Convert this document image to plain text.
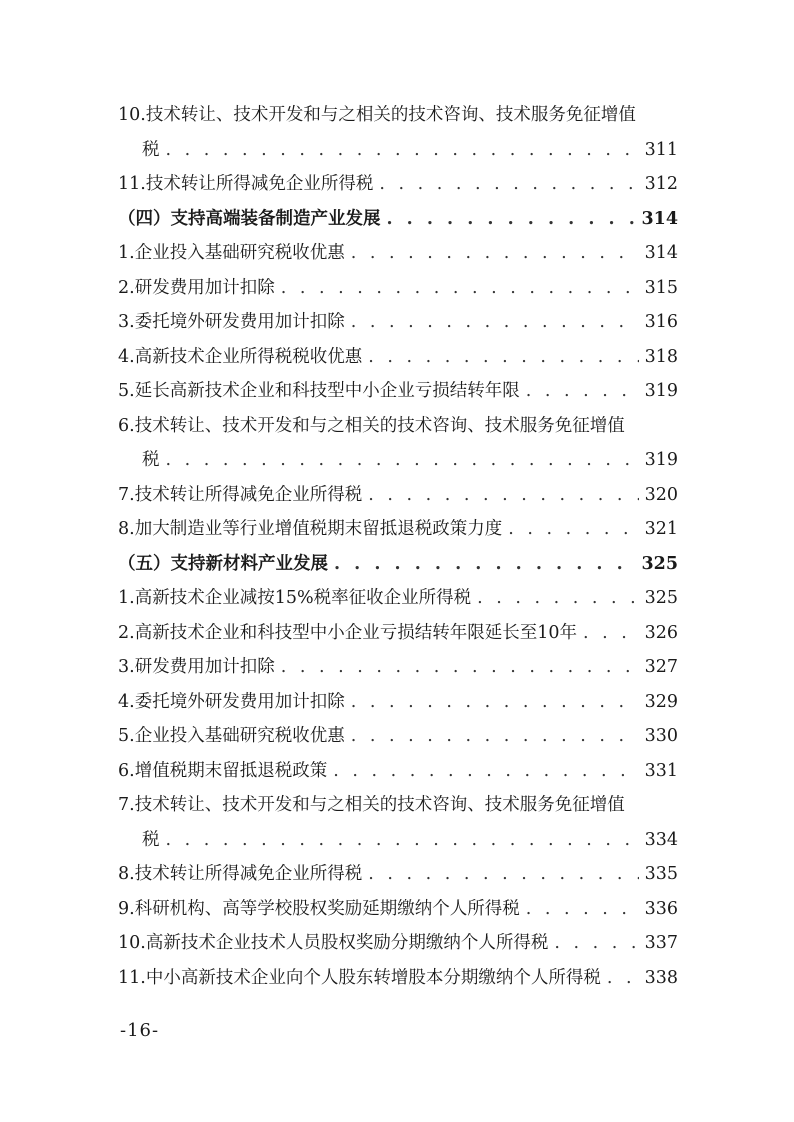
10.技术转让、技术开发和与之相关的技术咨询、技术服务免征增值
税 . . .	311
11.技术转让所得减免企业所得税 . . .	312
（四）支持高端装备制造产业发展 . . .	314
1.企业投入基础研究税收优惠 . . .	314
2.研发费用加计扣除 . . .	315
3.委托境外研发费用加计扣除 . . .	316
4.高新技术企业所得税税收优惠 . . .	318
5.延长高新技术企业和科技型中小企业亏损结转年限 . . .	319
6.技术转让、技术开发和与之相关的技术咨询、技术服务免征增值
税 . . .	319
7.技术转让所得减免企业所得税 . . .	320
8.加大制造业等行业增值税期末留抵退税政策力度 . . .	321
（五）支持新材料产业发展 . . .	325
1.高新技术企业减按15%税率征收企业所得税 . . .	325
2.高新技术企业和科技型中小企业亏损结转年限延长至10年 . . .	326
3.研发费用加计扣除 . . .	327
4.委托境外研发费用加计扣除 . . .	329
5.企业投入基础研究税收优惠 . . .	330
6.增值税期末留抵退税政策 . . .	331
7.技术转让、技术开发和与之相关的技术咨询、技术服务免征增值
税 . . .	334
8.技术转让所得减免企业所得税 . . .	335
9.科研机构、高等学校股权奖励延期缴纳个人所得税 . . .	336
10.高新技术企业技术人员股权奖励分期缴纳个人所得税 . . .	337
11.中小高新技术企业向个人股东转增股本分期缴纳个人所得税 . . .	338
-16-
